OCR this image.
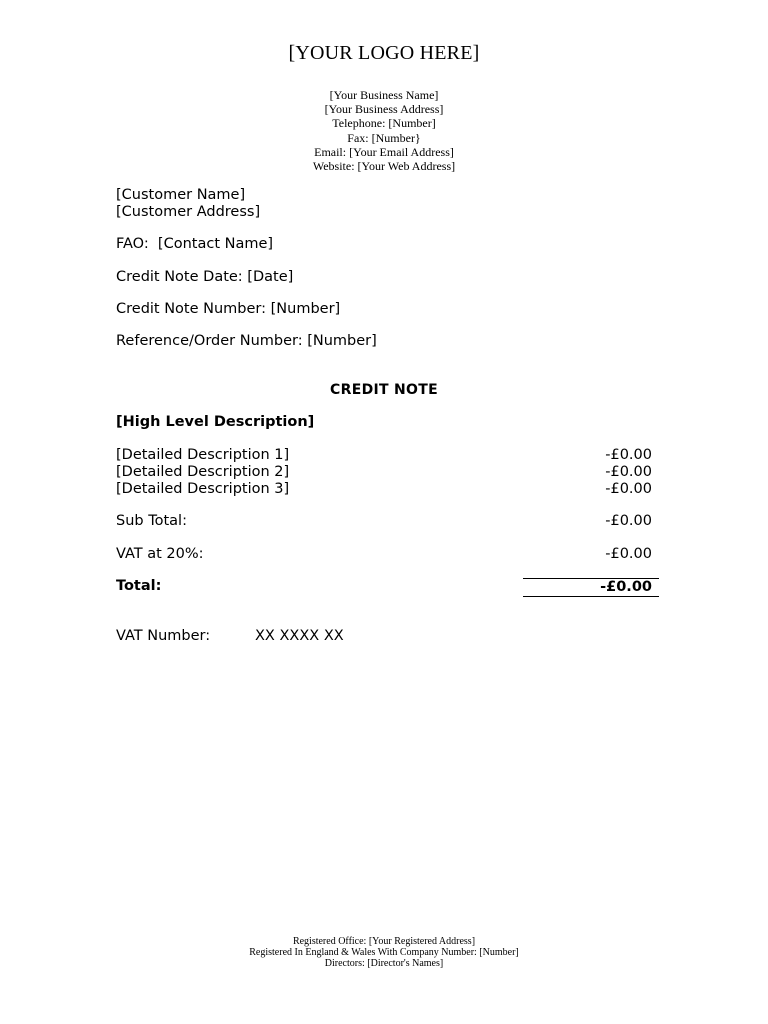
[YOUR LOGO HERE]
[Your Business Name]
[Your Business Address]
Telephone: [Number]
Fax: [Number}
Email: [Your Email Address]
Website: [Your Web Address]
[Customer Name]
[Customer Address]
FAO:  [Contact Name]
Credit Note Date: [Date]
Credit Note Number: [Number]
Reference/Order Number: [Number]
CREDIT NOTE
[High Level Description]
[Detailed Description 1]	-£0.00
[Detailed Description 2]	-£0.00
[Detailed Description 3]	-£0.00
Sub Total:	-£0.00
VAT at 20%:	-£0.00
Total:	-£0.00
VAT Number:	XX XXXX XX
Registered Office: [Your Registered Address]
Registered In England & Wales With Company Number: [Number]
Directors: [Director's Names]
